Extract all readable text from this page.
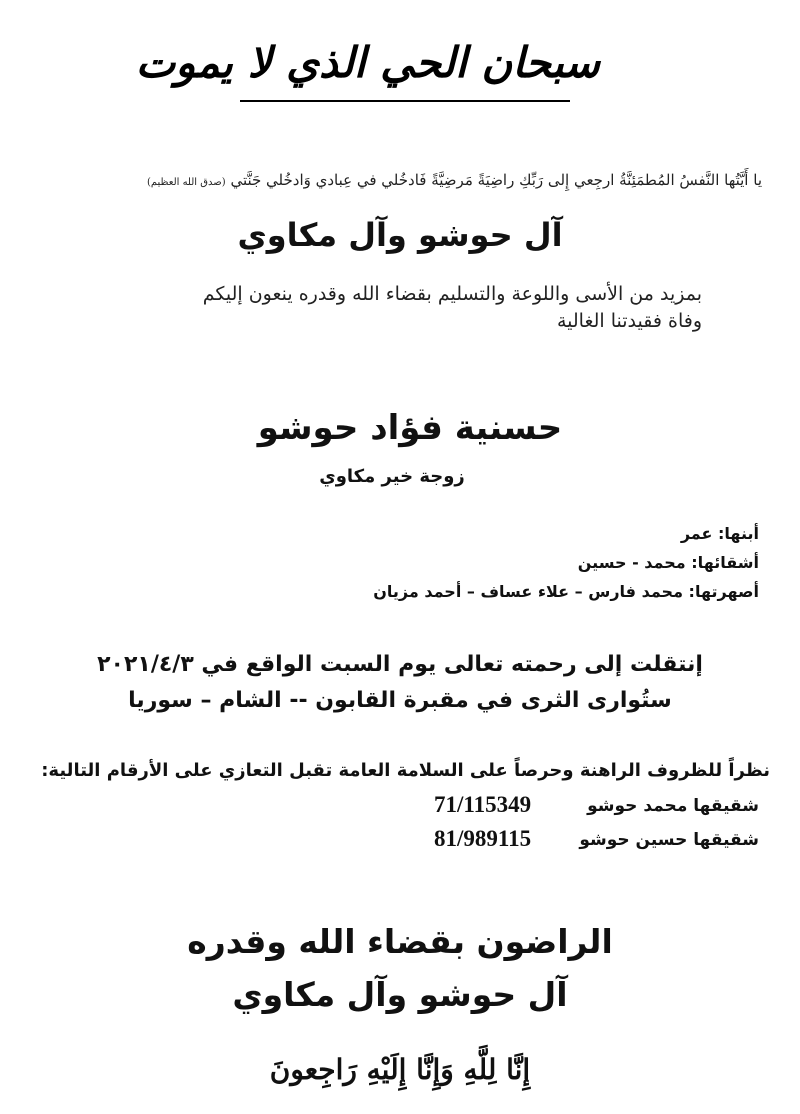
سبحان الحي الذي لا يموت
يا أَيَّتُها النَّفسُ المُطمَئِنَّةُ ارجِعي إِلى رَبِّكِ راضِيَةً مَرضِيَّةً فَادخُلي في عِبادي وَادخُلي جَنَّتي (صدق الله العظيم)
آل حوشو وآل مكاوي
بمزيد من الأسى واللوعة والتسليم بقضاء الله وقدره ينعون إليكم
وفاة فقيدتنا الغالية
حسنية فؤاد حوشو
زوجة خير مكاوي
أبنها: عمر
أشقائها: محمد - حسين
أصهرتها: محمد فارس – علاء عساف – أحمد مزيان
إنتقلت إلى رحمته تعالى يوم السبت الواقع في ٢٠٢١/٤/٣
ستُوارى الثرى في مقبرة القابون -- الشام – سوريا
نظراً للظروف الراهنة وحرصاً على السلامة العامة تقبل التعازي على الأرقام التالية:
شقيقها محمد حوشو
71/115349
شقيقها حسين حوشو
81/989115
الراضون بقضاء الله وقدره
آل حوشو وآل مكاوي
إِنَّا لِلَّهِ وَإِنَّا إِلَيْهِ رَاجِعونَ
